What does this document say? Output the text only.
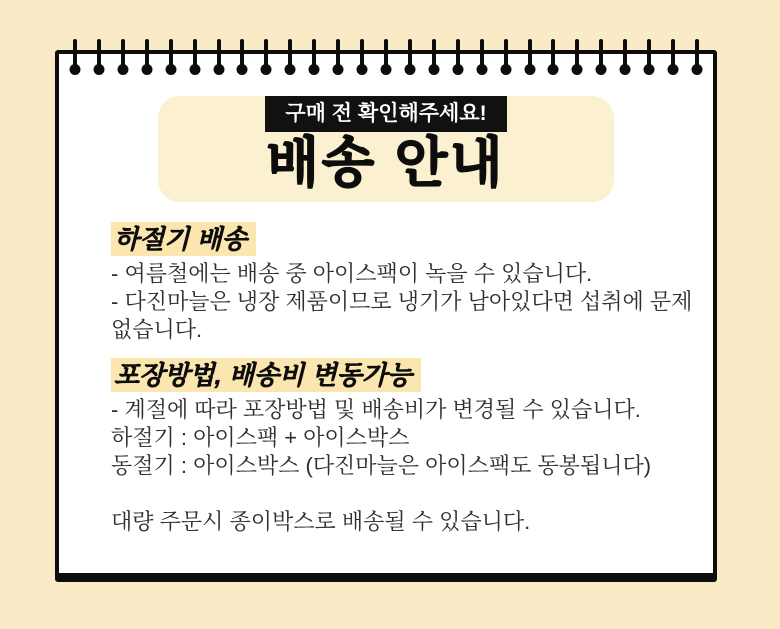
구매 전 확인해주세요!
배송 안내
하절기 배송

- 여름철에는 배송 중 아이스팩이 녹을 수 있습니다.

- 다진마늘은 냉장 제품이므로 냉기가 남아있다면 섭취에 문제

없습니다.

포장방법, 배송비 변동가능

- 계절에 따라 포장방법 및 배송비가 변경될 수 있습니다.

하절기 : 아이스팩 + 아이스박스

동절기 : 아이스박스 (다진마늘은 아이스팩도 동봉됩니다)

대량 주문시 종이박스로 배송될 수 있습니다.
